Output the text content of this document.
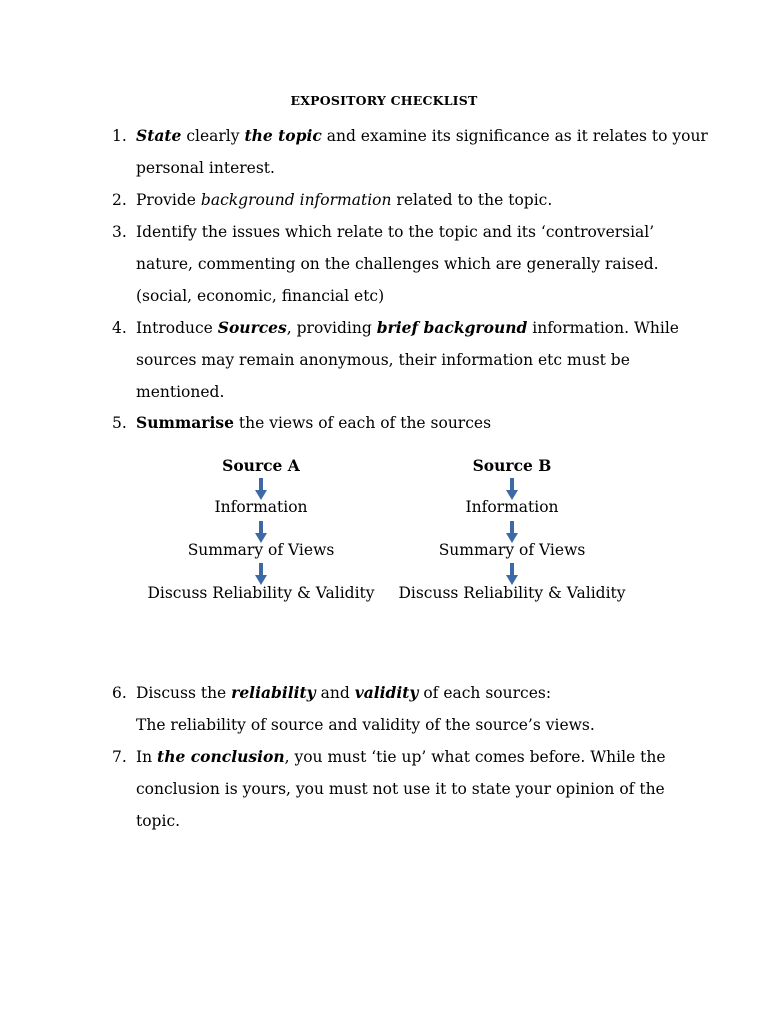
EXPOSITORY CHECKLIST
1. State clearly the topic and examine its significance as it relates to your
personal interest.
2. Provide background information related to the topic.
3. Identify the issues which relate to the topic and its ‘controversial’
nature, commenting on the challenges which are generally raised.
(social, economic, financial etc)
4. Introduce Sources, providing brief background information. While
sources may remain anonymous, their information etc must be
mentioned.
5. Summarise the views of each of the sources
Source A
Information
Summary of Views
Discuss Reliability & Validity
Source B
Information
Summary of Views
Discuss Reliability & Validity
6. Discuss the reliability and validity of each sources:
The reliability of source and validity of the source’s views.
7. In the conclusion, you must ‘tie up’ what comes before. While the
conclusion is yours, you must not use it to state your opinion of the
topic.
